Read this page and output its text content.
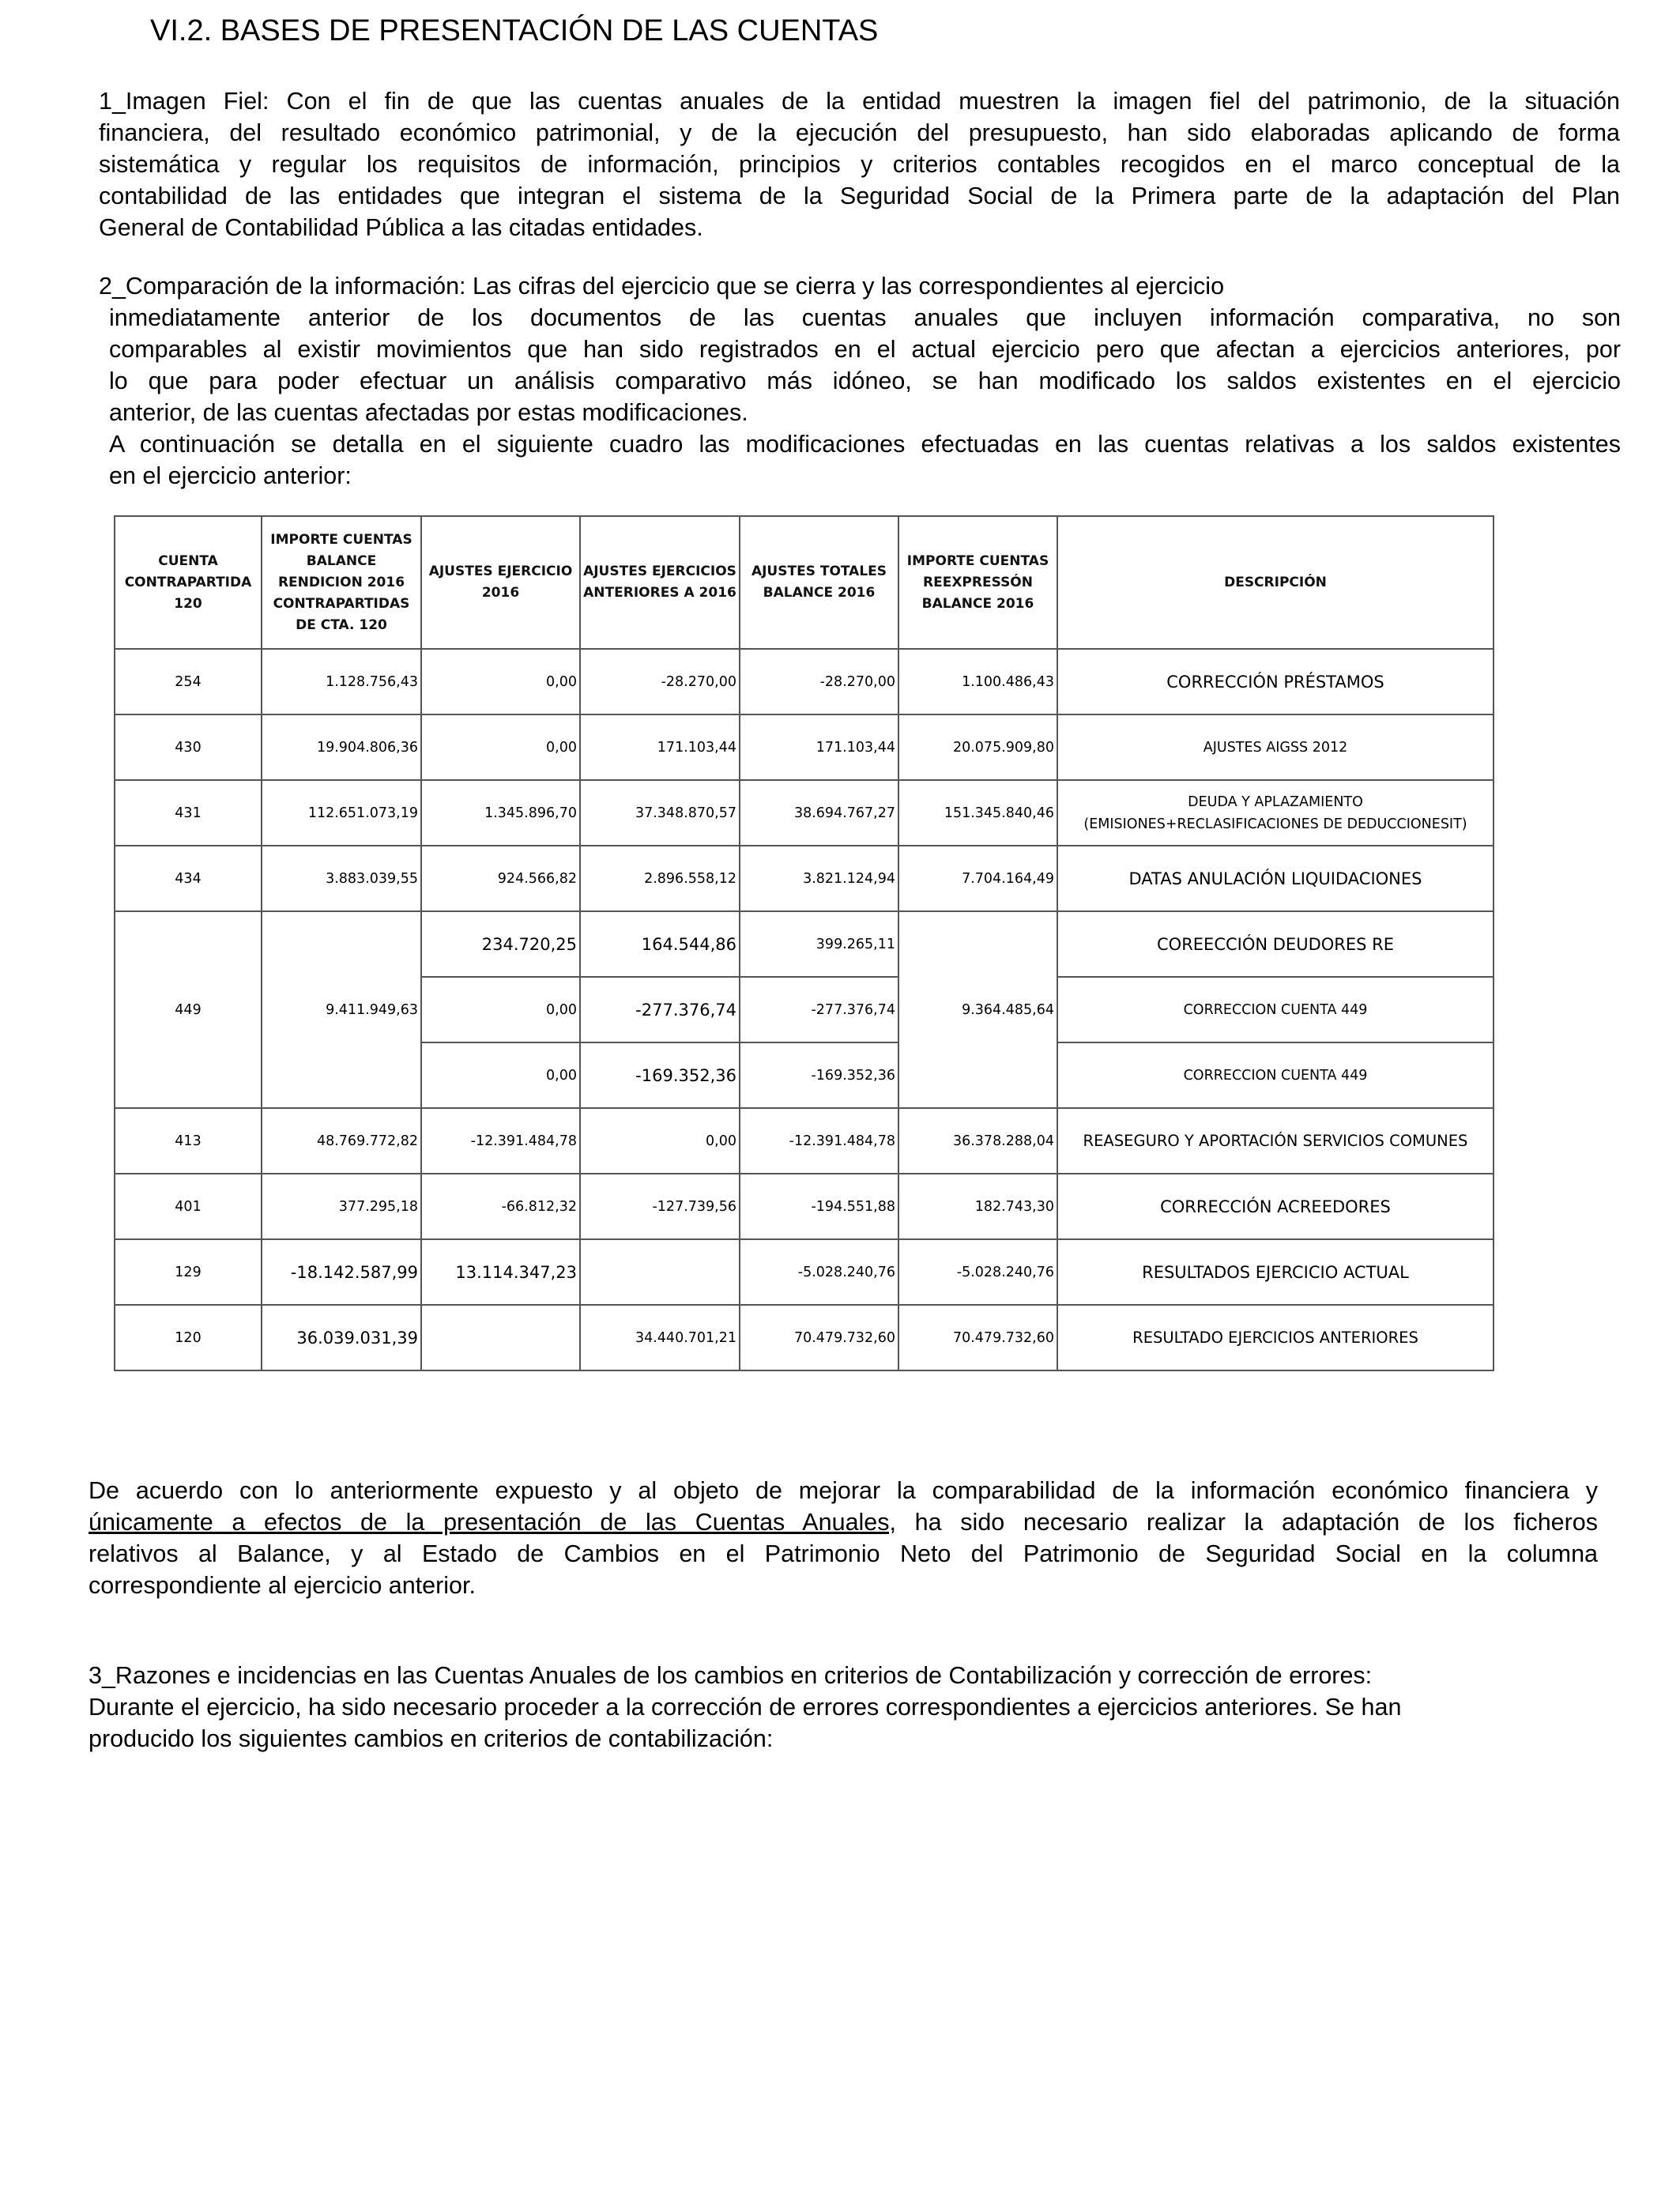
VI.2. BASES DE PRESENTACIÓN DE LAS CUENTAS
1_Imagen Fiel: Con el fin de que las cuentas anuales de la entidad muestren la imagen fiel del patrimonio, de la situación
financiera, del resultado económico patrimonial, y de la ejecución del presupuesto, han sido elaboradas aplicando de forma
sistemática y regular los requisitos de información, principios y criterios contables recogidos en el marco conceptual de la
contabilidad de las entidades que integran el sistema de la Seguridad Social de la Primera parte de la adaptación del Plan
General de Contabilidad Pública a las citadas entidades.
2_Comparación de la información: Las cifras del ejercicio que se cierra y las correspondientes al ejercicio
inmediatamente anterior de los documentos de las cuentas anuales que incluyen información comparativa, no son
comparables al existir movimientos que han sido registrados en el actual ejercicio pero que afectan a ejercicios anteriores, por
lo que para poder efectuar un análisis comparativo más idóneo, se han modificado los saldos existentes en el ejercicio
anterior, de las cuentas afectadas por estas modificaciones.
A continuación se detalla en el siguiente cuadro las modificaciones efectuadas en las cuentas relativas a los saldos existentes
en el ejercicio anterior:
CUENTA CONTRAPARTIDA 120	IMPORTE CUENTAS BALANCE RENDICION 2016 CONTRAPARTIDAS DE CTA. 120	AJUSTES EJERCICIO 2016	AJUSTES EJERCICIOS ANTERIORES A 2016	AJUSTES TOTALES BALANCE 2016	IMPORTE CUENTAS REEXPRESSÓN BALANCE 2016	DESCRIPCIÓN
254	1.128.756,43	0,00	-28.270,00	-28.270,00	1.100.486,43	CORRECCIÓN PRÉSTAMOS
430	19.904.806,36	0,00	171.103,44	171.103,44	20.075.909,80	AJUSTES AIGSS 2012
431	112.651.073,19	1.345.896,70	37.348.870,57	38.694.767,27	151.345.840,46	DEUDA Y APLAZAMIENTO
(EMISIONES+RECLASIFICACIONES DE DEDUCCIONESIT)

434	3.883.039,55	924.566,82	2.896.558,12	3.821.124,94	7.704.164,49	DATAS ANULACIÓN LIQUIDACIONES
449	9.411.949,63	234.720,25	164.544,86	399.265,11	9.364.485,64	COREECCIÓN DEUDORES RE
		0,00	-277.376,74	-277.376,74		CORRECCION CUENTA 449
		0,00	-169.352,36	-169.352,36		CORRECCION CUENTA 449
413	48.769.772,82	-12.391.484,78	0,00	-12.391.484,78	36.378.288,04	REASEGURO Y APORTACIÓN SERVICIOS COMUNES
401	377.295,18	-66.812,32	-127.739,56	-194.551,88	182.743,30	CORRECCIÓN ACREEDORES
129	-18.142.587,99	13.114.347,23		-5.028.240,76	-5.028.240,76	RESULTADOS EJERCICIO ACTUAL
120	36.039.031,39		34.440.701,21	70.479.732,60	70.479.732,60	RESULTADO EJERCICIOS ANTERIORES
De acuerdo con lo anteriormente expuesto y al objeto de mejorar la comparabilidad de la información económico financiera y
únicamente a efectos de la presentación de las Cuentas Anuales, ha sido necesario realizar la adaptación de los ficheros
relativos al Balance, y al Estado de Cambios en el Patrimonio Neto del Patrimonio de Seguridad Social en la columna
correspondiente al ejercicio anterior.
3_Razones e incidencias en las Cuentas Anuales de los cambios en criterios de Contabilización y corrección de errores:
Durante el ejercicio, ha sido necesario proceder a la corrección de errores correspondientes a ejercicios anteriores. Se han
producido los siguientes cambios en criterios de contabilización:
